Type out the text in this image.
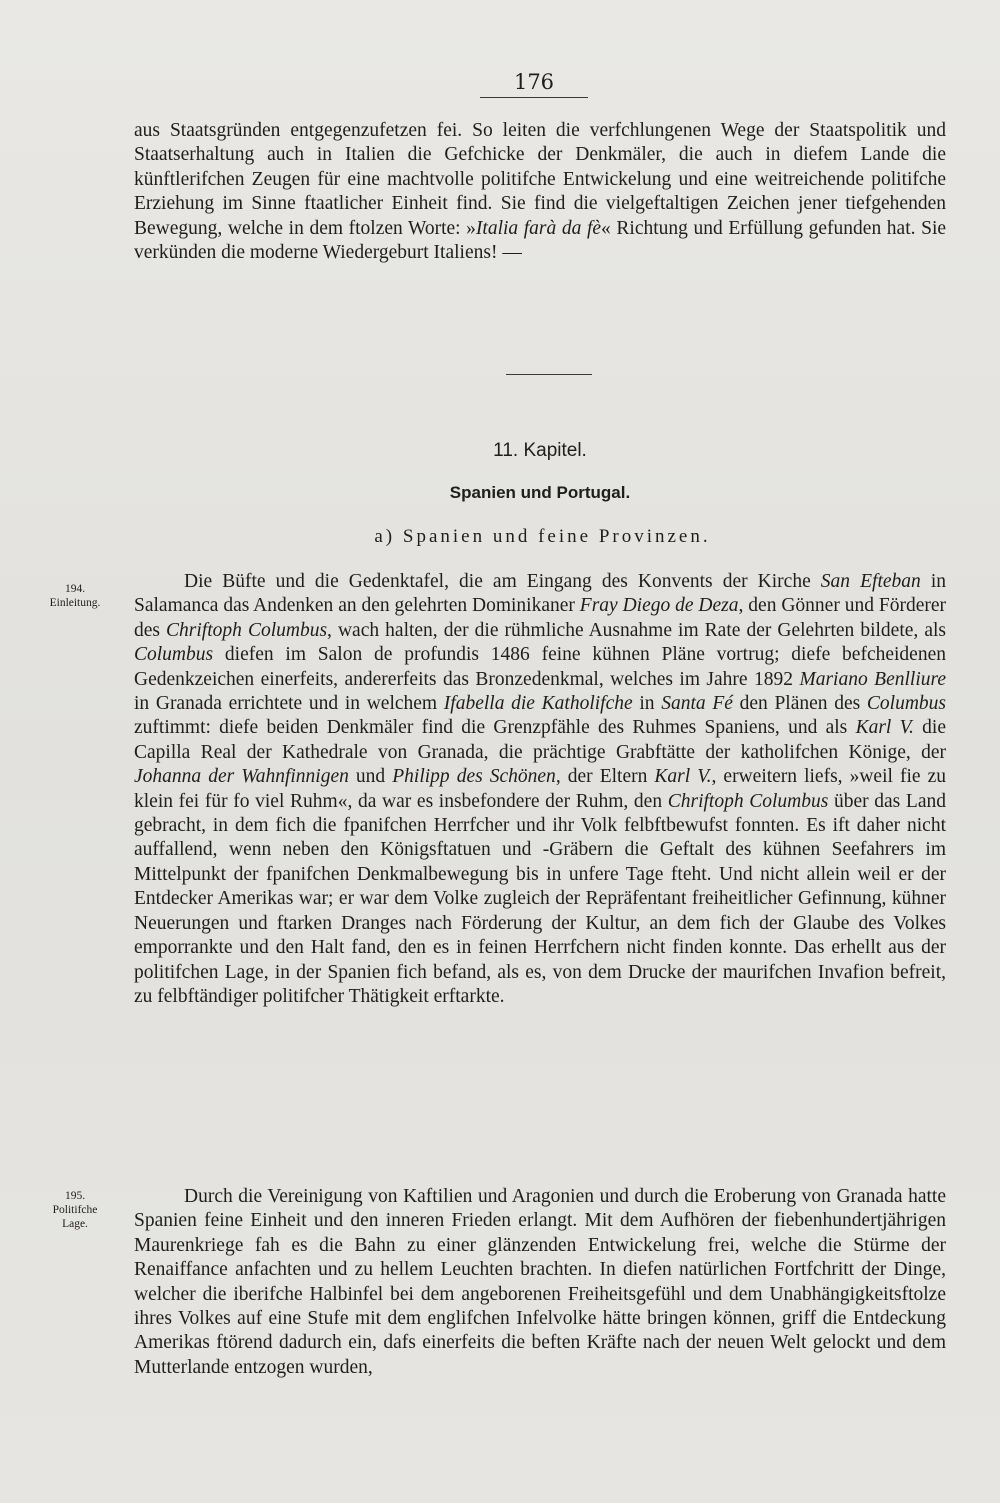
176

aus Staatsgründen entgegenzufetzen fei. So leiten die verfchlungenen Wege der Staatspolitik und Staatserhaltung auch in Italien die Gefchicke der Denkmäler, die auch in diefem Lande die künftlerifchen Zeugen für eine machtvolle politifche Entwickelung und eine weitreichende politifche Erziehung im Sinne ftaatlicher Einheit find. Sie find die vielgeftaltigen Zeichen jener tiefgehenden Bewegung, welche in dem ftolzen Worte: »Italia farà da fè« Richtung und Erfüllung gefunden hat. Sie verkünden die moderne Wiedergeburt Italiens! —

11. Kapitel.
Spanien und Portugal.
a) Spanien und feine Provinzen.
194.
Einleitung.

Die Büfte und die Gedenktafel, die am Eingang des Konvents der Kirche San Efteban in Salamanca das Andenken an den gelehrten Dominikaner Fray Diego de Deza, den Gönner und Förderer des Chriftoph Columbus, wach halten, der die rühmliche Ausnahme im Rate der Gelehrten bildete, als Columbus diefen im Salon de profundis 1486 feine kühnen Pläne vortrug; diefe befcheidenen Gedenkzeichen einerfeits, andererfeits das Bronzedenkmal, welches im Jahre 1892 Mariano Benlliure in Granada errichtete und in welchem Ifabella die Katholifche in Santa Fé den Plänen des Columbus zuftimmt: diefe beiden Denkmäler find die Grenzpfähle des Ruhmes Spaniens, und als Karl V. die Capilla Real der Kathedrale von Granada, die prächtige Grabftätte der katholifchen Könige, der Johanna der Wahnfinnigen und Philipp des Schönen, der Eltern Karl V., erweitern liefs, »weil fie zu klein fei für fo viel Ruhm«, da war es insbefondere der Ruhm, den Chriftoph Columbus über das Land gebracht, in dem fich die fpanifchen Herrfcher und ihr Volk felbftbewufst fonnten. Es ift daher nicht auffallend, wenn neben den Königsftatuen und -Gräbern die Geftalt des kühnen Seefahrers im Mittelpunkt der fpanifchen Denkmalbewegung bis in unfere Tage fteht. Und nicht allein weil er der Entdecker Amerikas war; er war dem Volke zugleich der Repräfentant freiheitlicher Gefinnung, kühner Neuerungen und ftarken Dranges nach Förderung der Kultur, an dem fich der Glaube des Volkes emporrankte und den Halt fand, den es in feinen Herrfchern nicht finden konnte. Das erhellt aus der politifchen Lage, in der Spanien fich befand, als es, von dem Drucke der maurifchen Invafion befreit, zu felbftändiger politifcher Thätigkeit erftarkte.

195.
Politifche
Lage.

Durch die Vereinigung von Kaftilien und Aragonien und durch die Eroberung von Granada hatte Spanien feine Einheit und den inneren Frieden erlangt. Mit dem Aufhören der fiebenhundertjährigen Maurenkriege fah es die Bahn zu einer glänzenden Entwickelung frei, welche die Stürme der Renaiffance anfachten und zu hellem Leuchten brachten. In diefen natürlichen Fortfchritt der Dinge, welcher die iberifche Halbinfel bei dem angeborenen Freiheitsgefühl und dem Unabhängigkeitsftolze ihres Volkes auf eine Stufe mit dem englifchen Infelvolke hätte bringen können, griff die Entdeckung Amerikas ftörend dadurch ein, dafs einerfeits die beften Kräfte nach der neuen Welt gelockt und dem Mutterlande entzogen wurden,
